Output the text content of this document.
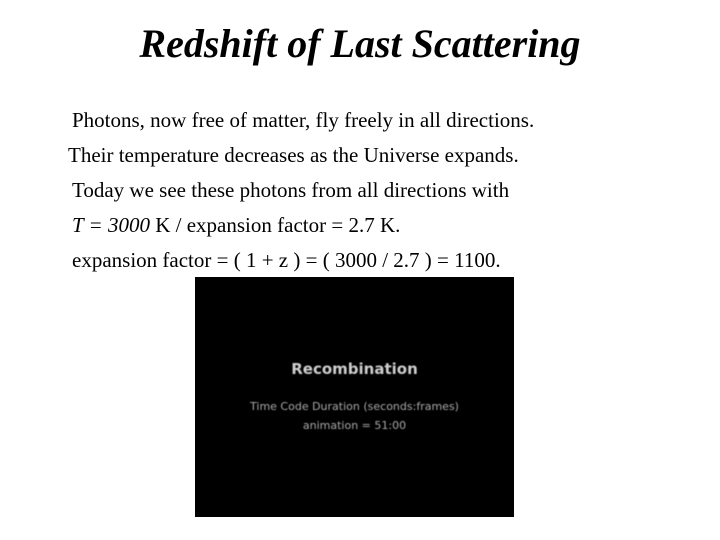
Redshift of Last Scattering
Photons, now free of matter, fly freely in all directions.
Their temperature decreases as the Universe expands.
Today we see these photons from all directions with
T = 3000 K / expansion factor = 2.7 K.
expansion factor = ( 1 + z ) = ( 3000 / 2.7 ) = 1100.
Recombination
Time Code Duration (seconds:frames)
animation = 51:00
